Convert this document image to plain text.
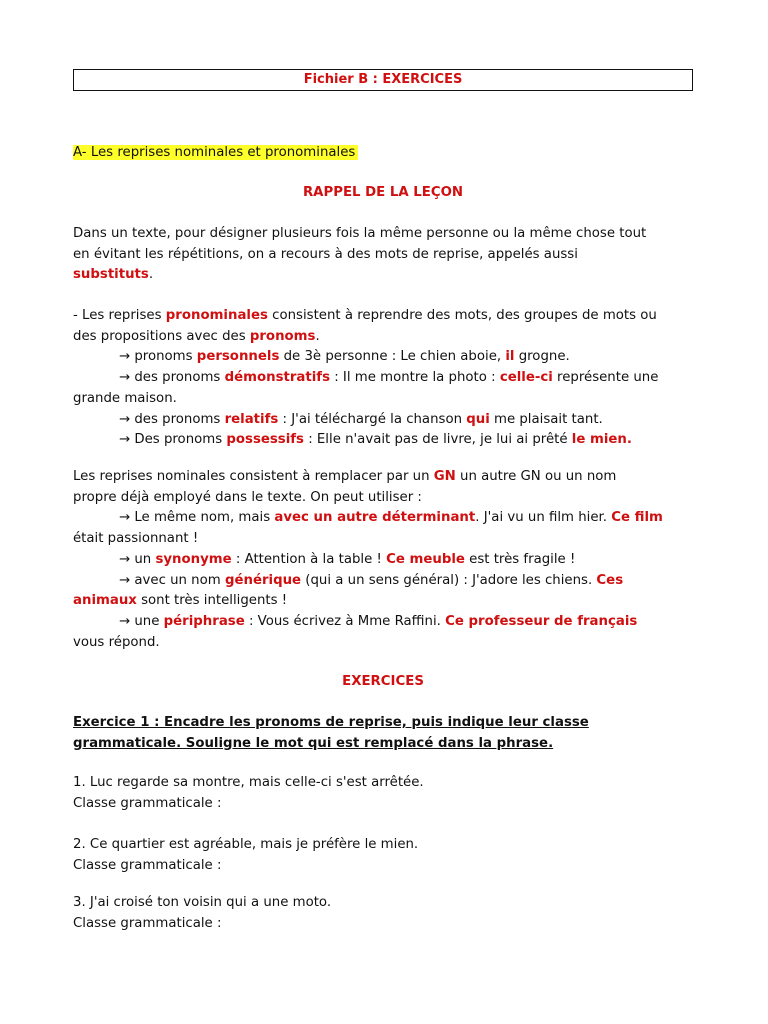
Fichier B : EXERCICES
A- Les reprises nominales et pronominales
RAPPEL DE LA LEÇON
Dans un texte, pour désigner plusieurs fois la même personne ou la même chose tout
en évitant les répétitions, on a recours à des mots de reprise, appelés aussi
substituts.
- Les reprises pronominales consistent à reprendre des mots, des groupes de mots ou
des propositions avec des pronoms.
→ pronoms personnels de 3è personne : Le chien aboie, il grogne.
→ des pronoms démonstratifs : Il me montre la photo : celle-ci représente une
grande maison.
→ des pronoms relatifs : J'ai téléchargé la chanson qui me plaisait tant.
→ Des pronoms possessifs : Elle n'avait pas de livre, je lui ai prêté le mien.
Les reprises nominales consistent à remplacer par un GN un autre GN ou un nom
propre déjà employé dans le texte. On peut utiliser :
→ Le même nom, mais avec un autre déterminant. J'ai vu un film hier. Ce film
était passionnant !
→ un synonyme : Attention à la table ! Ce meuble est très fragile !
→ avec un nom générique (qui a un sens général) : J'adore les chiens. Ces
animaux sont très intelligents !
→ une périphrase : Vous écrivez à Mme Raffini. Ce professeur de français
vous répond.
EXERCICES
Exercice 1 : Encadre les pronoms de reprise, puis indique leur classe
grammaticale. Souligne le mot qui est remplacé dans la phrase.
1. Luc regarde sa montre, mais celle-ci s'est arrêtée.
Classe grammaticale :
2. Ce quartier est agréable, mais je préfère le mien.
Classe grammaticale :
3. J'ai croisé ton voisin qui a une moto.
Classe grammaticale :
